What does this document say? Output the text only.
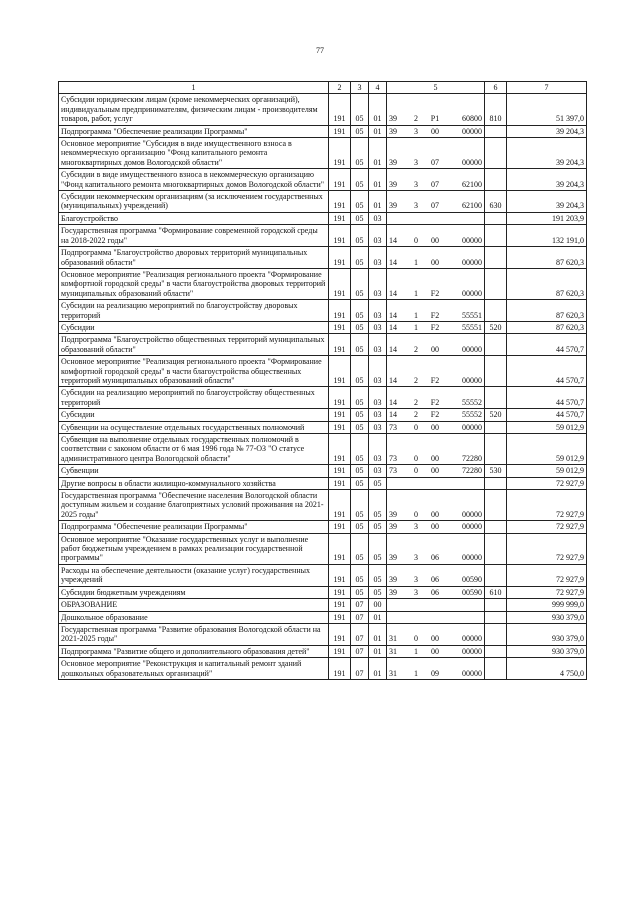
77
1	2	3	4	5	6	7
Субсидии юридическим лицам (кроме некоммерческих организаций), индивидуальным предпринимателям, физическим лицам - производителям товаров, работ, услуг	191	05	01	39 2 P1 60800	810	51 397,0
Подпрограмма "Обеспечение реализации Программы"	191	05	01	39 3 00 00000		39 204,3
Основное мероприятие "Субсидия в виде имущественного взноса в некоммерческую организацию "Фонд капитального ремонта многоквартирных домов Вологодской области"	191	05	01	39 3 07 00000		39 204,3
Субсидии в виде имущественного взноса в некоммерческую организацию "Фонд капитального ремонта многоквартирных домов Вологодской области"	191	05	01	39 3 07 62100		39 204,3
Субсидии некоммерческим организациям (за исключением государственных (муниципальных) учреждений)	191	05	01	39 3 07 62100	630	39 204,3
Благоустройство	191	05	03			191 203,9
Государственная программа "Формирование современной городской среды на 2018-2022 годы"	191	05	03	14 0 00 00000		132 191,0
Подпрограмма "Благоустройство дворовых территорий муниципальных образований области"	191	05	03	14 1 00 00000		87 620,3
Основное мероприятие "Реализация регионального проекта "Формирование комфортной городской среды" в части благоустройства дворовых территорий муниципальных образований области"	191	05	03	14 1 F2 00000		87 620,3
Субсидии на реализацию мероприятий по благоустройству дворовых территорий	191	05	03	14 1 F2 55551		87 620,3
Субсидии	191	05	03	14 1 F2 55551	520	87 620,3
Подпрограмма "Благоустройство общественных территорий муниципальных образований области"	191	05	03	14 2 00 00000		44 570,7
Основное мероприятие "Реализация регионального проекта "Формирование комфортной городской среды" в части благоустройства общественных территорий муниципальных образований области"	191	05	03	14 2 F2 00000		44 570,7
Субсидии на реализацию мероприятий по благоустройству общественных территорий	191	05	03	14 2 F2 55552		44 570,7
Субсидии	191	05	03	14 2 F2 55552	520	44 570,7
Субвенции на осуществление отдельных государственных полномочий	191	05	03	73 0 00 00000		59 012,9
Субвенция на выполнение отдельных государственных полномочий в соответствии с законом области от 6 мая 1996 года № 77-ОЗ "О статусе административного центра Вологодской области"	191	05	03	73 0 00 72280		59 012,9
Субвенции	191	05	03	73 0 00 72280	530	59 012,9
Другие вопросы в области жилищно-коммунального хозяйства	191	05	05			72 927,9
Государственная программа "Обеспечение населения Вологодской области доступным жильем и создание благоприятных условий проживания на 2021-2025 годы"	191	05	05	39 0 00 00000		72 927,9
Подпрограмма "Обеспечение реализации Программы"	191	05	05	39 3 00 00000		72 927,9
Основное мероприятие "Оказание государственных услуг и выполнение работ бюджетным учреждением в рамках реализации государственной программы"	191	05	05	39 3 06 00000		72 927,9
Расходы на обеспечение деятельности (оказание услуг) государственных учреждений	191	05	05	39 3 06 00590		72 927,9
Субсидии бюджетным учреждениям	191	05	05	39 3 06 00590	610	72 927,9
ОБРАЗОВАНИЕ	191	07	00			999 999,0
Дошкольное образование	191	07	01			930 379,0
Государственная программа "Развитие образования Вологодской области на 2021-2025 годы"	191	07	01	31 0 00 00000		930 379,0
Подпрограмма "Развитие общего и дополнительного образования детей"	191	07	01	31 1 00 00000		930 379,0
Основное мероприятие "Реконструкция и капитальный ремонт зданий дошкольных образовательных организаций"	191	07	01	31 1 09 00000		4 750,0
